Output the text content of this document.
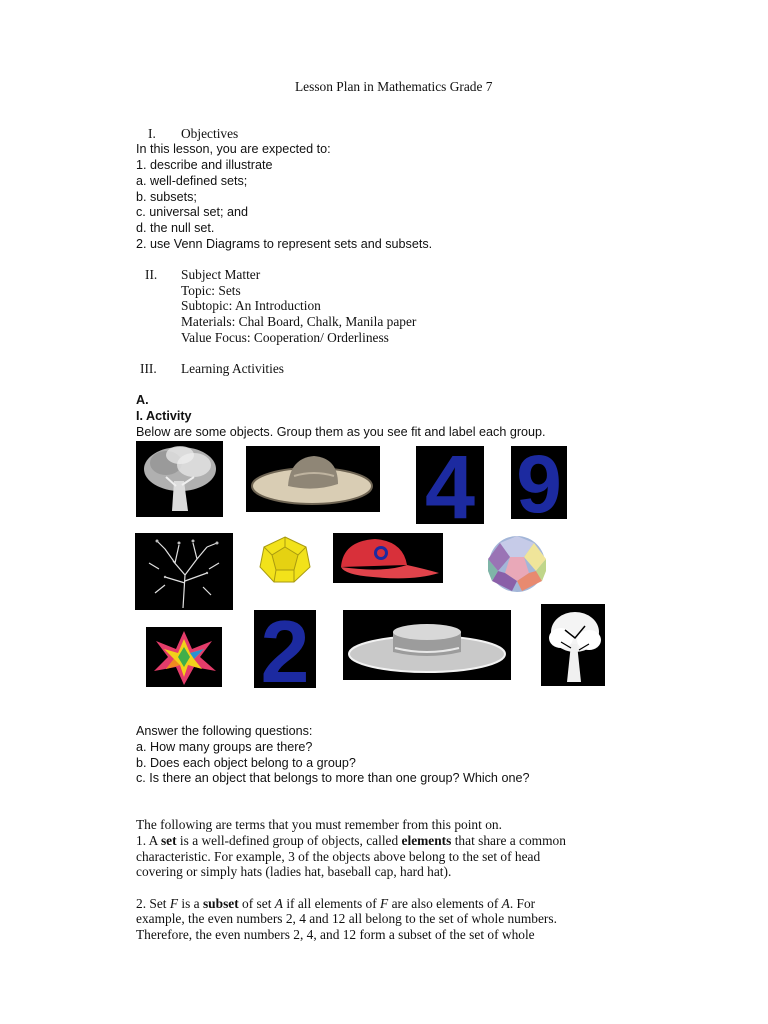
Lesson Plan in Mathematics Grade 7
I. Objectives
In this lesson, you are expected to:
1. describe and illustrate
a. well-defined sets;
b. subsets;
c. universal set; and
d. the null set.
2. use Venn Diagrams to represent sets and subsets.
II. Subject Matter
Topic: Sets
Subtopic: An Introduction
Materials: Chal Board, Chalk, Manila paper
Value Focus: Cooperation/ Orderliness
III. Learning Activities
A.
I. Activity
Below are some objects. Group them as you see fit and label each group.
4 9
2
Answer the following questions:
a. How many groups are there?
b. Does each object belong to a group?
c. Is there an object that belongs to more than one group? Which one?
The following are terms that you must remember from this point on.
1. A set is a well-defined group of objects, called elements that share a common
characteristic. For example, 3 of the objects above belong to the set of head
covering or simply hats (ladies hat, baseball cap, hard hat).
2. Set F is a subset of set A if all elements of F are also elements of A. For
example, the even numbers 2, 4 and 12 all belong to the set of whole numbers.
Therefore, the even numbers 2, 4, and 12 form a subset of the set of whole
